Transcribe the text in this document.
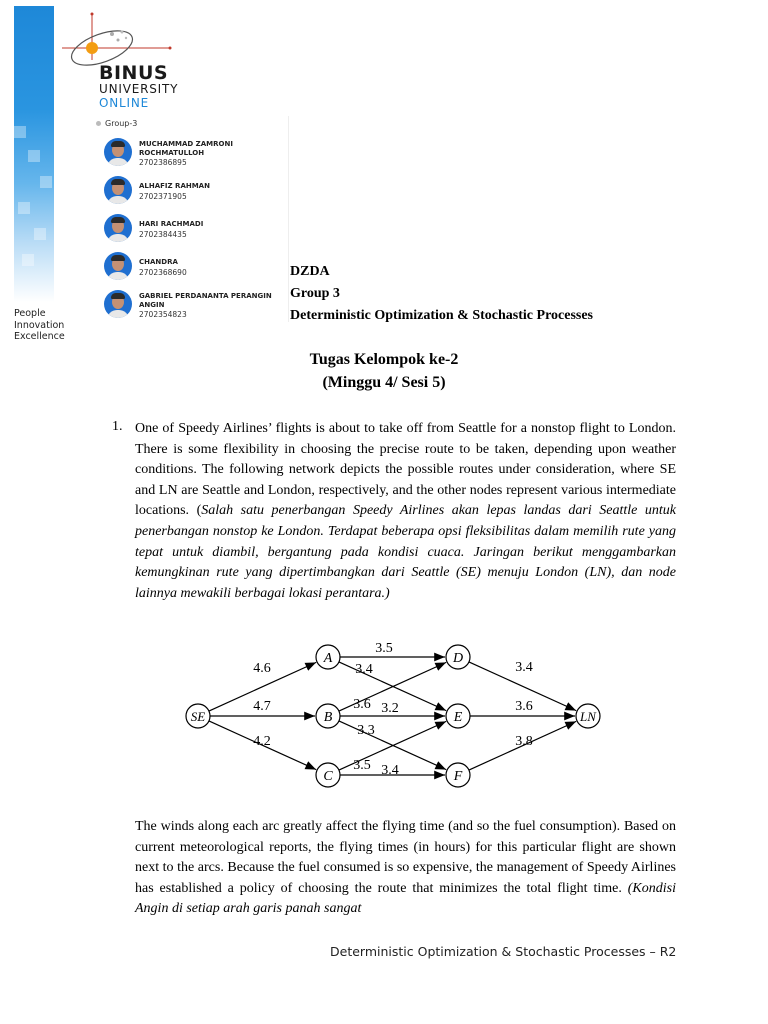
People
Innovation
Excellence
BINUS
UNIVERSITY
ONLINE
Group-3
MUCHAMMAD ZAMRONI ROCHMATULLOH
2702386895
ALHAFIZ RAHMAN
2702371905
HARI RACHMADI
2702384435
CHANDRA
2702368690
GABRIEL PERDANANTA PERANGIN ANGIN
2702354823
DZDA
Group 3
Deterministic Optimization & Stochastic Processes
Tugas Kelompok ke-2
(Minggu 4/ Sesi 5)
1. One of Speedy Airlines’ flights is about to take off from Seattle for a nonstop flight to London. There is some flexibility in choosing the precise route to be taken, depending upon weather conditions. The following network depicts the possible routes under consideration, where SE and LN are Seattle and London, respectively, and the other nodes represent various intermediate locations. (Salah satu penerbangan Speedy Airlines akan lepas landas dari Seattle untuk penerbangan nonstop ke London. Terdapat beberapa opsi fleksibilitas dalam memilih rute yang tepat untuk diambil, bergantung pada kondisi cuaca. Jaringan berikut menggambarkan kemungkinan rute yang dipertimbangkan dari Seattle (SE) menuju London (LN), dan node lainnya mewakili berbagai lokasi perantara.)
4.6
4.7
4.2
3.5
3.4
3.6 3.2
3.3
3.5 3.4
3.4
3.6
3.8
SE
A
B
C
D
E
F
LN
The winds along each arc greatly affect the flying time (and so the fuel consumption). Based on current meteorological reports, the flying times (in hours) for this particular flight are shown next to the arcs. Because the fuel consumed is so expensive, the management of Speedy Airlines has established a policy of choosing the route that minimizes the total flight time. (Kondisi Angin di setiap arah garis panah sangat
Deterministic Optimization & Stochastic Processes – R2
